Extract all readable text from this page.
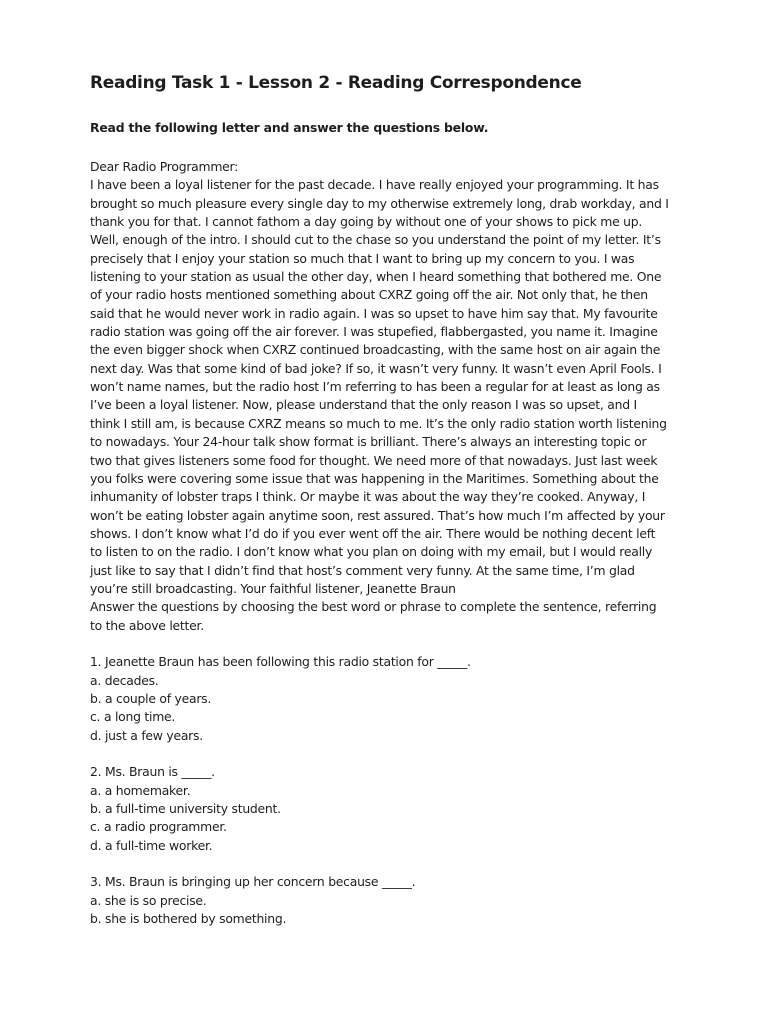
Reading Task 1 - Lesson 2 - Reading Correspondence

Read the following letter and answer the questions below.

Dear Radio Programmer:
I have been a loyal listener for the past decade. I have really enjoyed your programming. It has
brought so much pleasure every single day to my otherwise extremely long, drab workday, and I
thank you for that. I cannot fathom a day going by without one of your shows to pick me up.
Well, enough of the intro. I should cut to the chase so you understand the point of my letter. It’s
precisely that I enjoy your station so much that I want to bring up my concern to you. I was
listening to your station as usual the other day, when I heard something that bothered me. One
of your radio hosts mentioned something about CXRZ going off the air. Not only that, he then
said that he would never work in radio again. I was so upset to have him say that. My favourite
radio station was going off the air forever. I was stupefied, flabbergasted, you name it. Imagine
the even bigger shock when CXRZ continued broadcasting, with the same host on air again the
next day. Was that some kind of bad joke? If so, it wasn’t very funny. It wasn’t even April Fools. I
won’t name names, but the radio host I’m referring to has been a regular for at least as long as
I’ve been a loyal listener. Now, please understand that the only reason I was so upset, and I
think I still am, is because CXRZ means so much to me. It’s the only radio station worth listening
to nowadays. Your 24-hour talk show format is brilliant. There’s always an interesting topic or
two that gives listeners some food for thought. We need more of that nowadays. Just last week
you folks were covering some issue that was happening in the Maritimes. Something about the
inhumanity of lobster traps I think. Or maybe it was about the way they’re cooked. Anyway, I
won’t be eating lobster again anytime soon, rest assured. That’s how much I’m affected by your
shows. I don’t know what I’d do if you ever went off the air. There would be nothing decent left
to listen to on the radio. I don’t know what you plan on doing with my email, but I would really
just like to say that I didn’t find that host’s comment very funny. At the same time, I’m glad
you’re still broadcasting. Your faithful listener, Jeanette Braun
Answer the questions by choosing the best word or phrase to complete the sentence, referring
to the above letter.
1. Jeanette Braun has been following this radio station for _____.
a. decades.
b. a couple of years.
c. a long time.
d. just a few years.
2. Ms. Braun is _____.
a. a homemaker.
b. a full-time university student.
c. a radio programmer.
d. a full-time worker.
3. Ms. Braun is bringing up her concern because _____.
a. she is so precise.
b. she is bothered by something.
